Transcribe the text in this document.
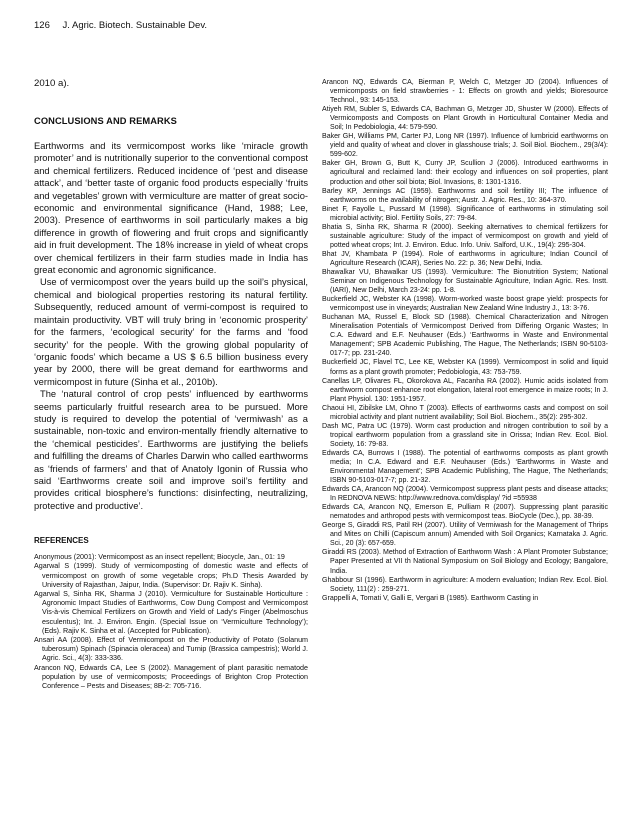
126 J. Agric. Biotech. Sustainable Dev.
2010 a).
CONCLUSIONS AND REMARKS

Earthworms and its vermicompost works like ‘miracle growth promoter’ and is nutritionally superior to the conventional compost and chemical fertilizers. Reduced incidence of ‘pest and disease attack’, and ‘better taste of organic food products especially ‘fruits and vegetables’ grown with vermiculture are matter of great socio-economic and environmental significance (Hand, 1988; Lee, 2003). Presence of earthworms in soil particularly makes a big difference in growth of flowering and fruit crops and significantly aid in fruit development. The 18% increase in yield of wheat crops over chemical fertilizers in their farm studies made in India has great economic and agronomic significance.

Use of vermicompost over the years build up the soil’s physical, chemical and biological properties restoring its natural fertility. Subsequently, reduced amount of vermi-compost is required to maintain productivity. VBT will truly bring in ‘economic prosperity’ for the farmers, ‘ecological security’ for the farms and ‘food security’ for the people. With the growing global popularity of ‘organic foods’ which became a US $ 6.5 billion business every year by 2000, there will be great demand for earthworms and vermicompost in future (Sinha et al., 2010b).

The ‘natural control of crop pests’ influenced by earthworms seems particularly fruitful research area to be pursued. More study is required to develop the potential of ‘vermiwash’ as a sustainable, non-toxic and environ-mentally friendly alternative to the ‘chemical pesticides’. Earthworms are justifying the beliefs and fulfilling the dreams of Charles Darwin who called earthworms as ‘friends of farmers’ and that of Anatoly Igonin of Russia who said ‘Earthworms create soil and improve soil’s fertility and provides critical biosphere’s functions: disinfecting, neutralizing, protective and productive’.

REFERENCES

Anonymous (2001): Vermicompost as an insect repellent; Biocycle, Jan., 01: 19

Agarwal S (1999). Study of vermicomposting of domestic waste and effects of vermicompost on growth of some vegetable crops; Ph.D Thesis Awarded by University of Rajasthan, Jaipur, India. (Supervisor: Dr. Rajiv K. Sinha).

Agarwal S, Sinha RK, Sharma J (2010). Vermiculture for Sustainable Horticulture : Agronomic Impact Studies of Earthworms, Cow Dung Compost and Vermicompost Vis-à-vis Chemical Fertilizers on Growth and Yield of Lady’s Finger (Abelmoschus esculentus); Int. J. Environ. Engin. (Special Issue on ‘Vermiculture Technology’); (Eds). Rajiv K. Sinha et al. (Accepted for Publication).

Ansari AA (2008). Effect of Vermicompost on the Productivity of Potato (Solanum tuberosum) Spinach (Spinacia oleracea) and Turnip (Brassica campestris); World J. Agric. Sci., 4(3): 333-336.

Arancon NQ, Edwards CA, Lee S (2002). Management of plant parasitic nematode population by use of vermicomposts; Proceedings of Brighton Crop Protection Conference – Pests and Diseases; 8B-2: 705-716.

Arancon NQ, Edwards CA, Bierman P, Welch C, Metzger JD (2004). Influences of vermicomposts on field strawberries - 1: Effects on growth and yields; Bioresource Technol., 93: 145-153.

Atiyeh RM, Subler S, Edwards CA, Bachman G, Metzger JD, Shuster W (2000). Effects of Vermicomposts and Composts on Plant Growth in Horticultural Container Media and Soil; In Pedobiologia, 44: 579-590.

Baker GH, Williams PM, Carter PJ, Long NR (1997). Influence of lumbricid earthworms on yield and quality of wheat and clover in glasshouse trials; J. Soil Biol. Biochem., 29(3/4): 599-602.

Baker GH, Brown G, Butt K, Curry JP, Scullion J (2006). Introduced earthworms in agricultural and reclaimed land: their ecology and influences on soil properties, plant production and other soil biota; Biol. Invasions, 8: 1301-1316.

Barley KP, Jennings AC (1959). Earthworms and soil fertility III; The influence of earthworms on the availability of nitrogen; Austr. J. Agric. Res., 10: 364-370.

Binet F, Fayolle L, Pussard M (1998). Significance of earthworms in stimulating soil microbial activity; Biol. Fertility Soils, 27: 79-84.

Bhatia S, Sinha RK, Sharma R (2000). Seeking alternatives to chemical fertilizers for sustainable agriculture: Study of the impact of vermicompost on growth and yield of potted wheat crops; Int. J. Environ. Educ. Info. Univ. Salford, U.K., 19(4): 295-304.

Bhat JV, Khambata P (1994). Role of earthworms in agriculture; Indian Council of Agriculture Research (ICAR), Series No. 22: p. 36; New Delhi, India.

Bhawalkar VU, Bhawalkar US (1993). Vermiculture: The Bionutrition System; National Seminar on Indigenous Technology for Sustainable Agriculture, Indian Agric. Res. Instt. (IARI), New Delhi, March 23-24: pp. 1-8.

Buckerfield JC, Webster KA (1998). Worm-worked waste boost grape yield: prospects for vermicompost use in vineyards; Australian New Zealand Wine Industry J., 13: 3-76.

Buchanan MA, Russel E, Block SD (1988). Chemical Characterization and Nitrogen Mineralisation Potentials of Vermicompost Derived from Differing Organic Wastes; In C.A. Edward and E.F. Neuhauser (Eds.) ‘Earthworms in Waste and Environmental Management’; SPB Academic Publishing, The Hague, The Netherlands; ISBN 90-5103-017-7; pp. 231-240.

Buckerfield JC, Flavel TC, Lee KE, Webster KA (1999). Vermicompost in solid and liquid forms as a plant growth promoter; Pedobiologia, 43: 753-759.

Canellas LP, Olivares FL, Okorokova AL, Facanha RA (2002). Humic acids isolated from earthworm compost enhance root elongation, lateral root emergence in maize roots; In J. Plant Physiol. 130: 1951-1957.

Chaoui HI, Zibilske LM, Ohno T (2003). Effects of earthworms casts and compost on soil microbial activity and plant nutrient availability; Soil Biol. Biochem., 35(2): 295-302.

Dash MC, Patra UC (1979). Worm cast production and nitrogen contribution to soil by a tropical earthworm population from a grassland site in Orissa; Indian Rev. Ecol. Biol. Society, 16: 79-83.

Edwards CA, Burrows I (1988). The potential of earthworms composts as plant growth media; In C.A. Edward and E.F. Neuhauser (Eds.) ‘Earthworms in Waste and Environmental Management’; SPB Academic Publishing, The Hague, The Netherlands; ISBN 90-5103-017-7; pp. 21-32.

Edwards CA, Arancon NQ (2004). Vermicompost suppress plant pests and disease attacks; In REDNOVA NEWS: http://www.rednova.com/display/ ?id =55938

Edwards CA, Arancon NQ, Emerson E, Pulliam R (2007). Suppressing plant parasitic nematodes and arthropod pests with vermicompost teas. BioCycle (Dec.), pp. 38-39.

George S, Giraddi RS, Patil RH (2007). Utility of Vermiwash for the Management of Thrips and Mites on Chilli (Capiscum annum) Amended with Soil Organics; Karnataka J. Agric. Sci., 20 (3): 657-659.

Giraddi RS (2003). Method of Extraction of Earthworm Wash : A Plant Promoter Substance; Paper Presented at VII th National Symposium on Soil Biology and Ecology; Bangalore, India.

Ghabbour SI (1996). Earthworm in agriculture: A modern evaluation; Indian Rev. Ecol. Biol. Society, 111(2) : 259-271.

Grappelli A, Tomati V, Galli E, Vergari B (1985). Earthworm Casting in
